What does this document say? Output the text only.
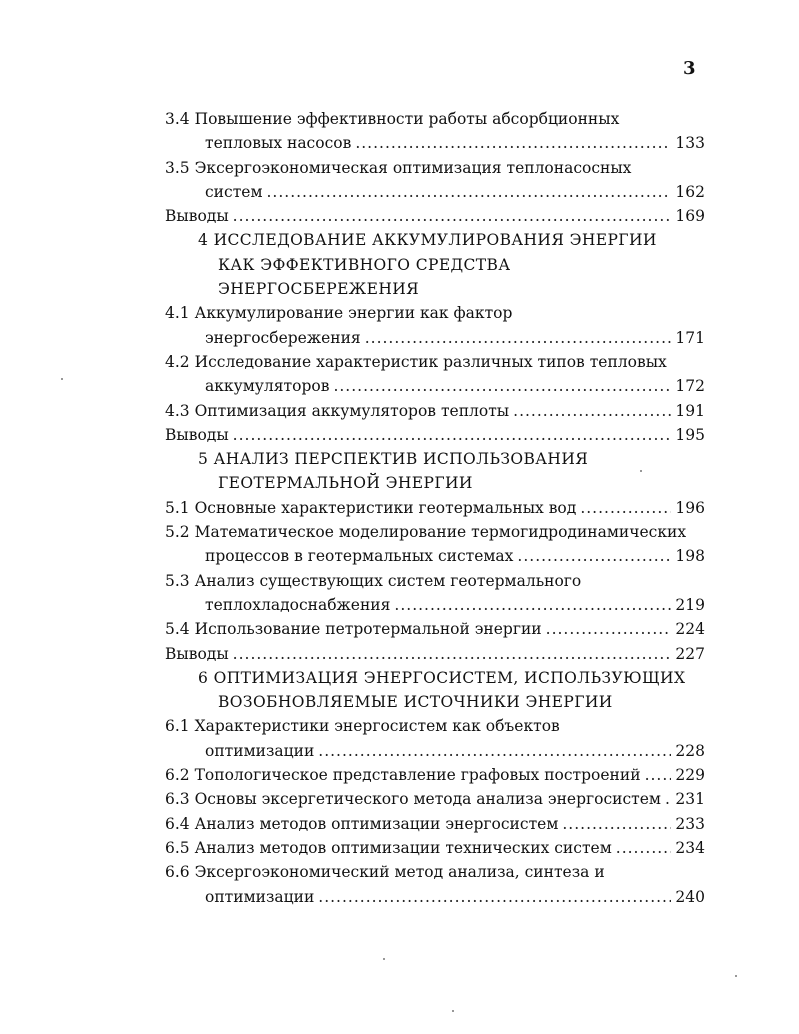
3
3.4 Повышение эффективности работы абсорбционных
тепловых насосов .....	133
3.5 Эксергоэкономическая оптимизация теплонасосных
систем .....	162
Выводы .....	169
4 ИССЛЕДОВАНИЕ АККУМУЛИРОВАНИЯ ЭНЕРГИИ
КАК ЭФФЕКТИВНОГО СРЕДСТВА
ЭНЕРГОСБЕРЕЖЕНИЯ
4.1 Аккумулирование энергии как фактор
энергосбережения .....	171
4.2 Исследование характеристик различных типов тепловых
аккумуляторов .....	172
4.3 Оптимизация аккумуляторов теплоты .....	191
Выводы .....	195
5 АНАЛИЗ ПЕРСПЕКТИВ ИСПОЛЬЗОВАНИЯ
ГЕОТЕРМАЛЬНОЙ ЭНЕРГИИ
5.1 Основные характеристики геотермальных вод .....	196
5.2 Математическое моделирование термогидродинамических
процессов в геотермальных системах .....	198
5.3 Анализ существующих систем геотермального
теплохладоснабжения .....	219
5.4 Использование петротермальной энергии .....	224
Выводы .....	227
6 ОПТИМИЗАЦИЯ ЭНЕРГОСИСТЕМ, ИСПОЛЬЗУЮЩИХ
ВОЗОБНОВЛЯЕМЫЕ ИСТОЧНИКИ ЭНЕРГИИ
6.1 Характеристики энергосистем как объектов
оптимизации .....	228
6.2 Топологическое представление графовых построений ..... 229
6.3 Основы эксергетического метода анализа энергосистем ..... 231
6.4 Анализ методов оптимизации энергосистем .....	233
6.5 Анализ методов оптимизации технических систем .....	234
6.6 Эксергоэкономический метод анализа, синтеза и
оптимизации .....	240
